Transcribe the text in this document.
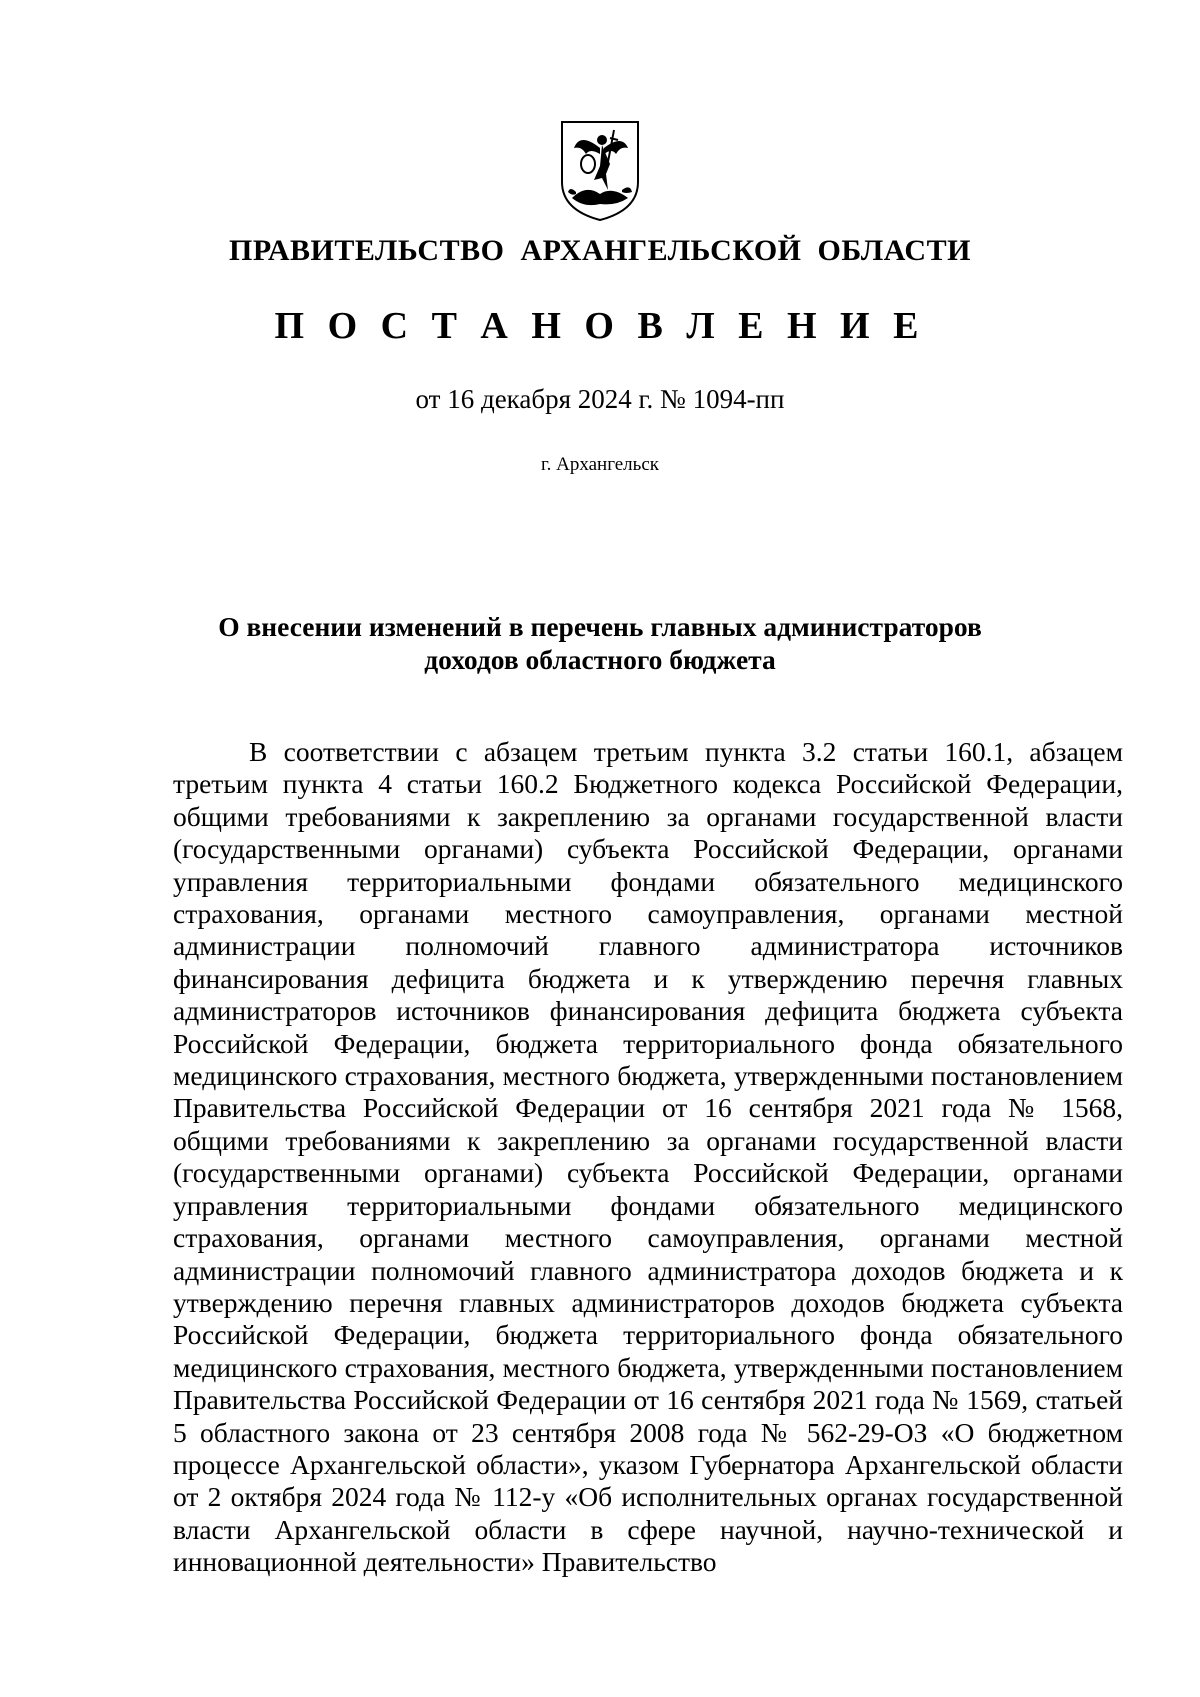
ПРАВИТЕЛЬСТВО АРХАНГЕЛЬСКОЙ ОБЛАСТИ
П О С Т А Н О В Л Е Н И Е
от 16 декабря 2024 г. № 1094-пп
г. Архангельск
О внесении изменений в перечень главных администраторов
доходов областного бюджета

В соответствии с абзацем третьим пункта 3.2 статьи 160.1, абзацем третьим пункта 4 статьи 160.2 Бюджетного кодекса Российской Федерации, общими требованиями к закреплению за органами государственной власти (государственными органами) субъекта Российской Федерации, органами управления территориальными фондами обязательного медицинского страхования, органами местного самоуправления, органами местной администрации полномочий главного администратора источников финансирования дефицита бюджета и к утверждению перечня главных администраторов источников финансирования дефицита бюджета субъекта Российской Федерации, бюджета территориального фонда обязательного медицинского страхования, местного бюджета, утвержденными постановлением Правительства Российской Федерации от 16 сентября 2021 года № 1568, общими требованиями к закреплению за органами государственной власти (государственными органами) субъекта Российской Федерации, органами управления территориальными фондами обязательного медицинского страхования, органами местного самоуправления, органами местной администрации полномочий главного администратора доходов бюджета и к утверждению перечня главных администраторов доходов бюджета субъекта Российской Федерации, бюджета территориального фонда обязательного медицинского страхования, местного бюджета, утвержденными постановлением Правительства Российской Федерации от 16 сентября 2021 года № 1569, статьей 5 областного закона от 23 сентября 2008 года № 562-29-ОЗ «О бюджетном процессе Архангельской области», указом Губернатора Архангельской области от 2 октября 2024 года № 112-у «Об исполнительных органах государственной власти Архангельской области в сфере научной, научно-технической и инновационной деятельности» Правительство
